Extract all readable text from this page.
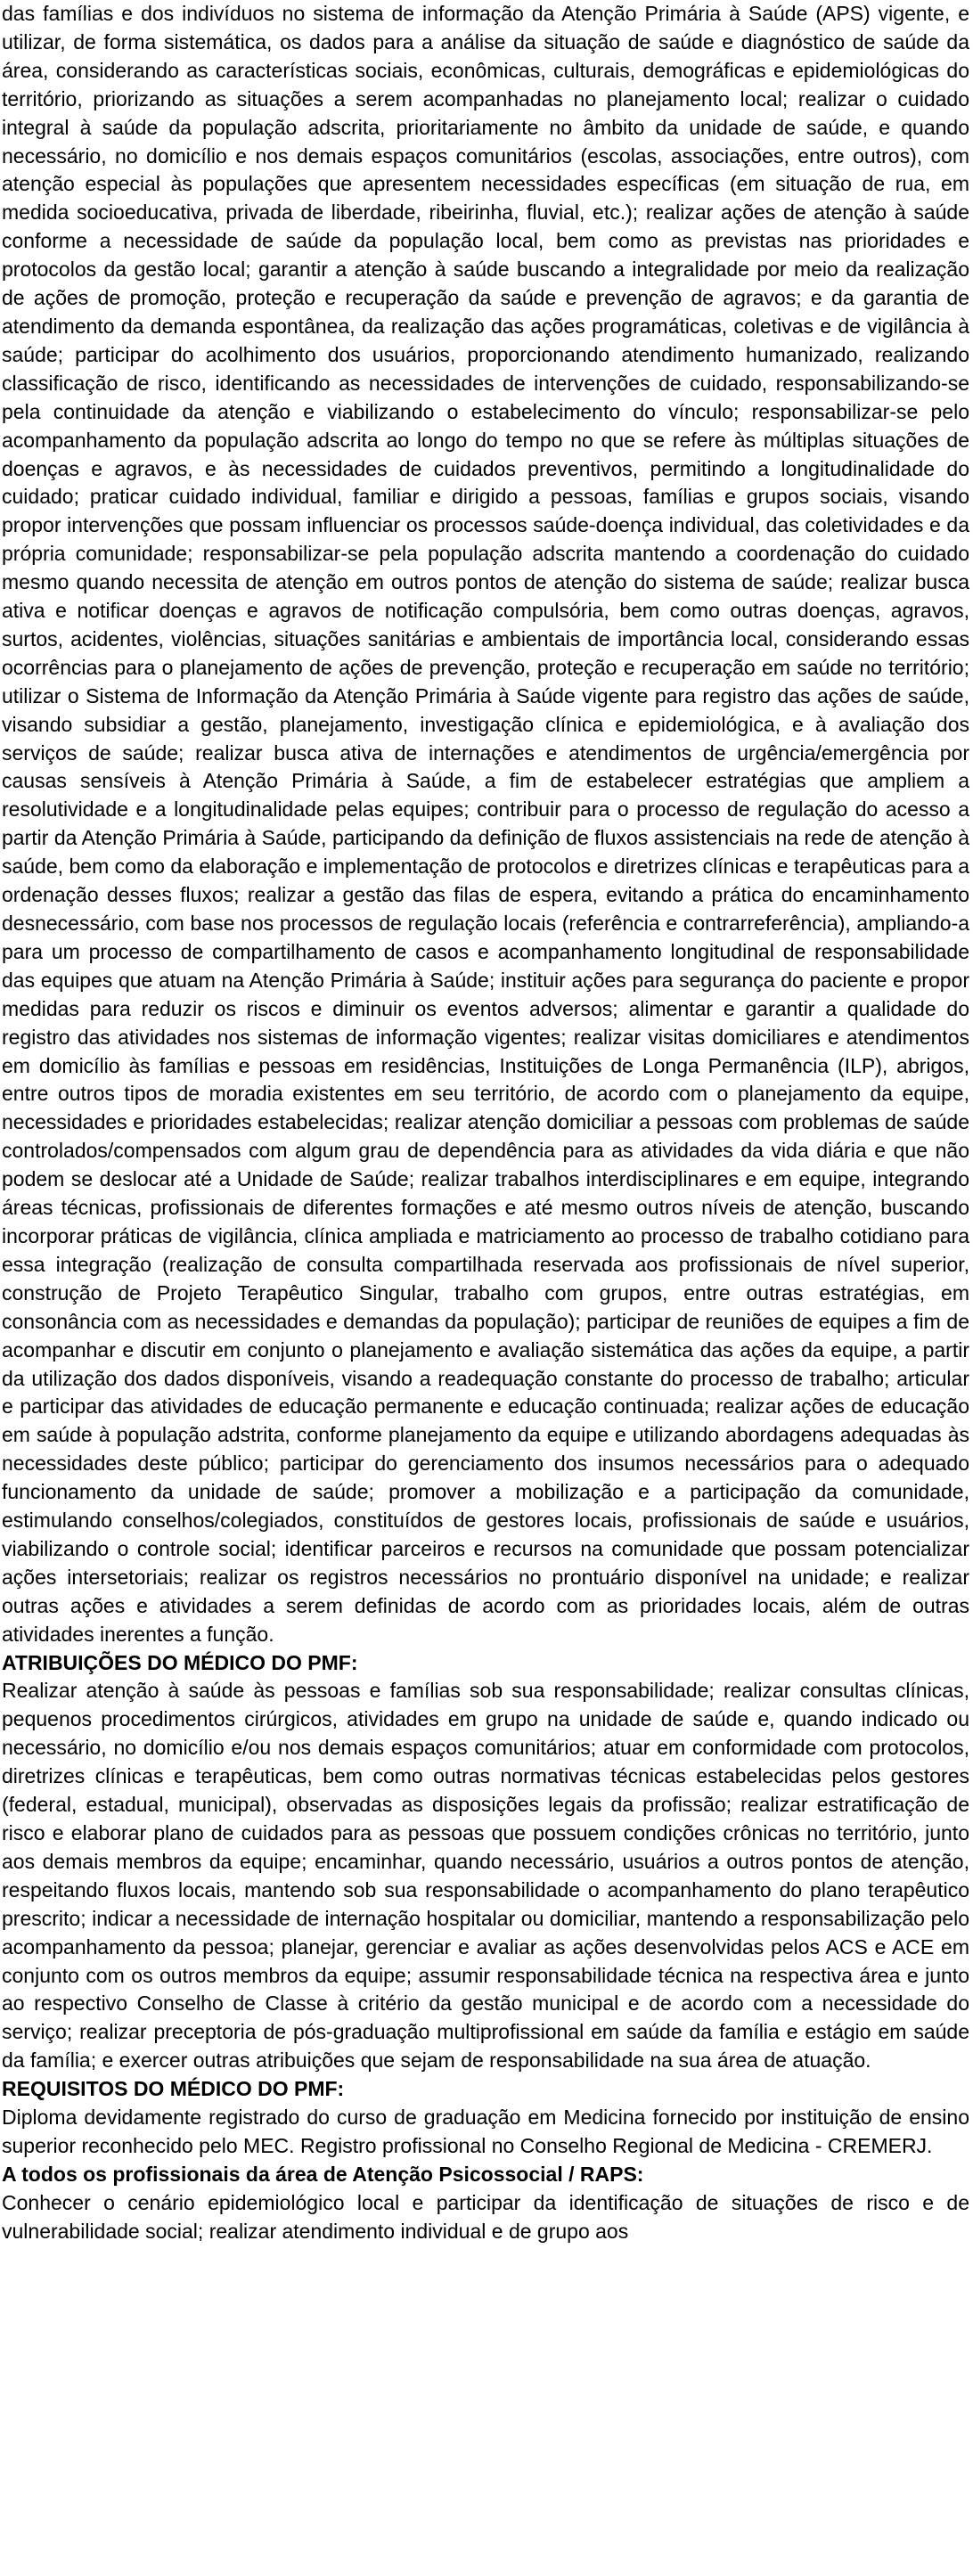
das famílias e dos indivíduos no sistema de informação da Atenção Primária à Saúde (APS) vigente, e utilizar, de forma sistemática, os dados para a análise da situação de saúde e diagnóstico de saúde da área, considerando as características sociais, econômicas, culturais, demográficas e epidemiológicas do território, priorizando as situações a serem acompanhadas no planejamento local; realizar o cuidado integral à saúde da população adscrita, prioritariamente no âmbito da unidade de saúde, e quando necessário, no domicílio e nos demais espaços comunitários (escolas, associações, entre outros), com atenção especial às populações que apresentem necessidades específicas (em situação de rua, em medida socioeducativa, privada de liberdade, ribeirinha, fluvial, etc.); realizar ações de atenção à saúde conforme a necessidade de saúde da população local, bem como as previstas nas prioridades e protocolos da gestão local; garantir a atenção à saúde buscando a integralidade por meio da realização de ações de promoção, proteção e recuperação da saúde e prevenção de agravos; e da garantia de atendimento da demanda espontânea, da realização das ações programáticas, coletivas e de vigilância à saúde; participar do acolhimento dos usuários, proporcionando atendimento humanizado, realizando classificação de risco, identificando as necessidades de intervenções de cuidado, responsabilizando-se pela continuidade da atenção e viabilizando o estabelecimento do vínculo; responsabilizar-se pelo acompanhamento da população adscrita ao longo do tempo no que se refere às múltiplas situações de doenças e agravos, e às necessidades de cuidados preventivos, permitindo a longitudinalidade do cuidado; praticar cuidado individual, familiar e dirigido a pessoas, famílias e grupos sociais, visando propor intervenções que possam influenciar os processos saúde-doença individual, das coletividades e da própria comunidade; responsabilizar-se pela população adscrita mantendo a coordenação do cuidado mesmo quando necessita de atenção em outros pontos de atenção do sistema de saúde; realizar busca ativa e notificar doenças e agravos de notificação compulsória, bem como outras doenças, agravos, surtos, acidentes, violências, situações sanitárias e ambientais de importância local, considerando essas ocorrências para o planejamento de ações de prevenção, proteção e recuperação em saúde no território; utilizar o Sistema de Informação da Atenção Primária à Saúde vigente para registro das ações de saúde, visando subsidiar a gestão, planejamento, investigação clínica e epidemiológica, e à avaliação dos serviços de saúde; realizar busca ativa de internações e atendimentos de urgência/emergência por causas sensíveis à Atenção Primária à Saúde, a fim de estabelecer estratégias que ampliem a resolutividade e a longitudinalidade pelas equipes; contribuir para o processo de regulação do acesso a partir da Atenção Primária à Saúde, participando da definição de fluxos assistenciais na rede de atenção à saúde, bem como da elaboração e implementação de protocolos e diretrizes clínicas e terapêuticas para a ordenação desses fluxos; realizar a gestão das filas de espera, evitando a prática do encaminhamento desnecessário, com base nos processos de regulação locais (referência e contrarreferência), ampliando-a para um processo de compartilhamento de casos e acompanhamento longitudinal de responsabilidade das equipes que atuam na Atenção Primária à Saúde; instituir ações para segurança do paciente e propor medidas para reduzir os riscos e diminuir os eventos adversos; alimentar e garantir a qualidade do registro das atividades nos sistemas de informação vigentes; realizar visitas domiciliares e atendimentos em domicílio às famílias e pessoas em residências, Instituições de Longa Permanência (ILP), abrigos, entre outros tipos de moradia existentes em seu território, de acordo com o planejamento da equipe, necessidades e prioridades estabelecidas; realizar atenção domiciliar a pessoas com problemas de saúde controlados/compensados com algum grau de dependência para as atividades da vida diária e que não podem se deslocar até a Unidade de Saúde; realizar trabalhos interdisciplinares e em equipe, integrando áreas técnicas, profissionais de diferentes formações e até mesmo outros níveis de atenção, buscando incorporar práticas de vigilância, clínica ampliada e matriciamento ao processo de trabalho cotidiano para essa integração (realização de consulta compartilhada reservada aos profissionais de nível superior, construção de Projeto Terapêutico Singular, trabalho com grupos, entre outras estratégias, em consonância com as necessidades e demandas da população); participar de reuniões de equipes a fim de acompanhar e discutir em conjunto o planejamento e avaliação sistemática das ações da equipe, a partir da utilização dos dados disponíveis, visando a readequação constante do processo de trabalho; articular e participar das atividades de educação permanente e educação continuada; realizar ações de educação em saúde à população adstrita, conforme planejamento da equipe e utilizando abordagens adequadas às necessidades deste público; participar do gerenciamento dos insumos necessários para o adequado funcionamento da unidade de saúde; promover a mobilização e a participação da comunidade, estimulando conselhos/colegiados, constituídos de gestores locais, profissionais de saúde e usuários, viabilizando o controle social; identificar parceiros e recursos na comunidade que possam potencializar ações intersetoriais; realizar os registros necessários no prontuário disponível na unidade; e realizar outras ações e atividades a serem definidas de acordo com as prioridades locais, além de outras atividades inerentes a função.

ATRIBUIÇÕES DO MÉDICO DO PMF:

Realizar atenção à saúde às pessoas e famílias sob sua responsabilidade; realizar consultas clínicas, pequenos procedimentos cirúrgicos, atividades em grupo na unidade de saúde e, quando indicado ou necessário, no domicílio e/ou nos demais espaços comunitários; atuar em conformidade com protocolos, diretrizes clínicas e terapêuticas, bem como outras normativas técnicas estabelecidas pelos gestores (federal, estadual, municipal), observadas as disposições legais da profissão; realizar estratificação de risco e elaborar plano de cuidados para as pessoas que possuem condições crônicas no território, junto aos demais membros da equipe; encaminhar, quando necessário, usuários a outros pontos de atenção, respeitando fluxos locais, mantendo sob sua responsabilidade o acompanhamento do plano terapêutico prescrito; indicar a necessidade de internação hospitalar ou domiciliar, mantendo a responsabilização pelo acompanhamento da pessoa; planejar, gerenciar e avaliar as ações desenvolvidas pelos ACS e ACE em conjunto com os outros membros da equipe; assumir responsabilidade técnica na respectiva área e junto ao respectivo Conselho de Classe à critério da gestão municipal e de acordo com a necessidade do serviço; realizar preceptoria de pós-graduação multiprofissional em saúde da família e estágio em saúde da família; e exercer outras atribuições que sejam de responsabilidade na sua área de atuação.

REQUISITOS DO MÉDICO DO PMF:

Diploma devidamente registrado do curso de graduação em Medicina fornecido por instituição de ensino superior reconhecido pelo MEC. Registro profissional no Conselho Regional de Medicina - CREMERJ.

A todos os profissionais da área de Atenção Psicossocial / RAPS:

Conhecer o cenário epidemiológico local e participar da identificação de situações de risco e de vulnerabilidade social; realizar atendimento individual e de grupo aos
